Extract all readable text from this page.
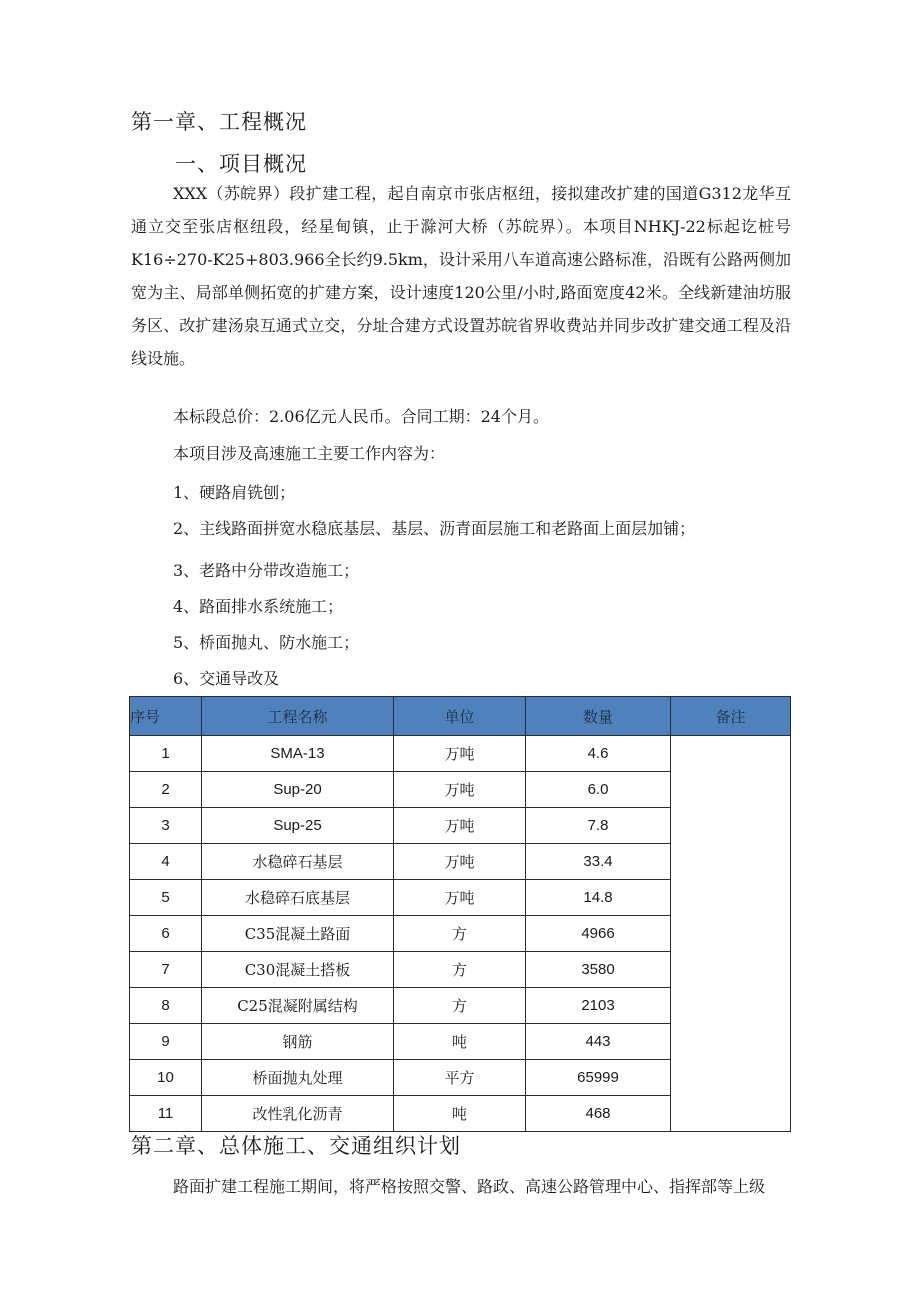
第一章、工程概况
一、项目概况

XXX（苏皖界）段扩建工程，起自南京市张店枢纽，接拟建改扩建的国道G312龙华互通立交至张店枢纽段，经星甸镇，止于滁河大桥（苏皖界）。本项目NHKJ-22标起讫桩号K16÷270-K25+803.966全长约9.5km，设计采用八车道高速公路标准，沿既有公路两侧加宽为主、局部单侧拓宽的扩建方案，设计速度120公里/小时,路面宽度42米。全线新建油坊服务区、改扩建汤泉互通式立交，分址合建方式设置苏皖省界收费站并同步改扩建交通工程及沿线设施。

本标段总价：2.06亿元人民币。合同工期：24个月。

本项目涉及高速施工主要工作内容为：

1、硬路肩铣刨；

2、主线路面拼宽水稳底基层、基层、沥青面层施工和老路面上面层加铺；

3、老路中分带改造施工；

4、路面排水系统施工；

5、桥面抛丸、防水施工；

6、交通导改及

序号	工程名称	单位	数量	备注
1	SMA-13	万吨	4.6	
2	Sup-20	万吨	6.0	
3	Sup-25	万吨	7.8	
4	水稳碎石基层	万吨	33.4	
5	水稳碎石底基层	万吨	14.8	
6	C35混凝土路面	方	4966	
7	C30混凝土搭板	方	3580	
8	C25混凝附属结构	方	2103	
9	钢筋	吨	443	
10	桥面抛丸处理	平方	65999	
11	改性乳化沥青	吨	468	
第二章、总体施工、交通组织计划

路面扩建工程施工期间，将严格按照交警、路政、高速公路管理中心、指挥部等上级
